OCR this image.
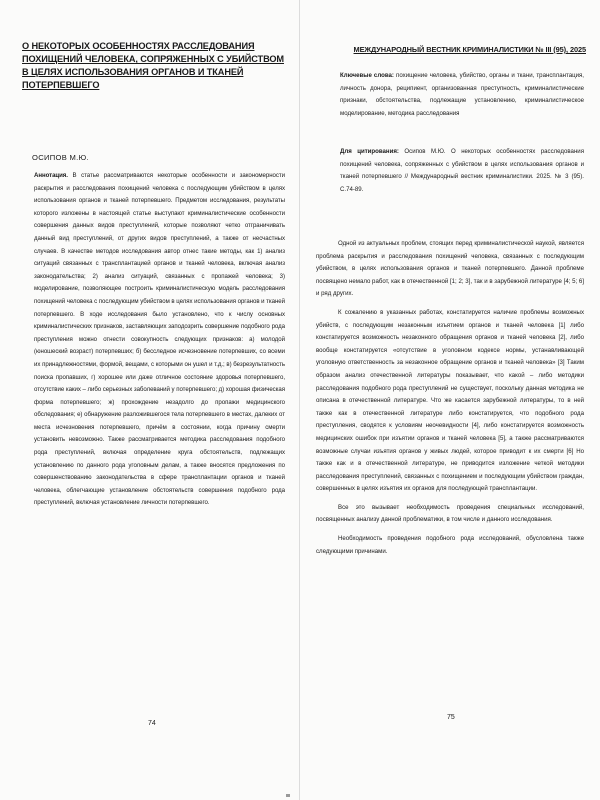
О НЕКОТОРЫХ ОСОБЕННОСТЯХ РАССЛЕДОВАНИЯ ПОХИЩЕНИЙ ЧЕЛОВЕКА, СОПРЯЖЕННЫХ С УБИЙСТВОМ В ЦЕЛЯХ ИСПОЛЬЗОВАНИЯ ОРГАНОВ И ТКАНЕЙ ПОТЕРПЕВШЕГО
ОСИПОВ М.Ю.

Аннотация. В статье рассматриваются некоторые особенности и закономерности раскрытия и расследования похищений человека с последующим убийством в целях использования органов и тканей потерпевшего. Предметом исследования, результаты которого изложены в настоящей статье выступают криминалистические особенности совершения данных видов преступлений, которые позволяют четко отграничивать данный вид преступлений, от других видов преступлений, а также от несчастных случаев. В качестве методов исследования автор отнес такие методы, как 1) анализ ситуаций связанных с трансплантацией органов и тканей человека, включая анализ законодательства; 2) анализ ситуаций, связанных с пропажей человека; 3) моделирование, позволяющее построить криминалистическую модель расследования похищений человека с последующим убийством в целях использования органов и тканей потерпевшего. В ходе исследования было установлено, что к числу основных криминалистических признаков, заставляющих заподозрить совершение подобного рода преступления можно отнести совокупность следующих признаков: а) молодой (юношеский возраст) потерпевших; б) бесследное исчезновение потерпевших, со всеми их принадлежностями, формой, вещами, с которыми он ушел и т.д.; в) безрезультатность поиска пропавших, г) хорошее или даже отличное состояние здоровья потерпевшего, отсутствие каких – либо серьезных заболеваний у потерпевшего; д) хорошая физическая форма потерпевшего; ж) прохождение незадолго до пропажи медицинского обследования; е) обнаружение разложившегося тела потерпевшего в местах, далеких от места исчезновения потерпевшего, причём в состоянии, когда причину смерти установить невозможно. Также рассматривается методика расследования подобного рода преступлений, включая определение круга обстоятельств, подлежащих установлению по данного рода уголовным делам, а также вносятся предложения по совершенствованию законодательства в сфере трансплантации органов и тканей человека, облегчающие установление обстоятельств совершения подобного рода преступлений, включая установление личности потерпевшего.

74
МЕЖДУНАРОДНЫЙ ВЕСТНИК КРИМИНАЛИСТИКИ № III (95), 2025
Ключевые слова: похищение человека, убийство, органы и ткани, трансплантация, личность донора, реципиент, организованная преступность, криминалистические признаки, обстоятельства, подлежащие установлению, криминалистическое моделирование, методика расследования
Для цитирования: Осипов М.Ю. О некоторых особенностях расследования похищений человека, сопряженных с убийством в целях использования органов и тканей потерпевшего // Международный вестник криминалистики. 2025. № 3 (95). С.74-89.

Одной из актуальных проблем, стоящих перед криминалистической наукой, является проблема раскрытия и расследования похищений человека, связанных с последующим убийством, в целях использования органов и тканей потерпевшего. Данной проблеме посвящено немало работ, как в отечественной [1; 2; 3], так и в зарубежной литературе [4; 5; 6] и ряд других.

К сожалению в указанных работах, констатируется наличие проблемы возможных убийств, с последующим незаконным изъятием органов и тканей человека [1] либо констатируется возможность незаконного обращения органов и тканей человека [2], либо вообще констатируется «отсутствие в уголовном кодексе нормы, устанавливающей уголовную ответственность за незаконное обращение органов и тканей человека» [3] Таким образом анализ отечественной литературы показывает, что какой – либо методики расследования подобного рода преступлений не существует, поскольку данная методика не описана в отечественной литературе. Что же касается зарубежной литературы, то в ней также как в отечественной литературе либо констатируется, что подобного рода преступления, сводятся к условиям неочевидности [4], либо констатируется возможность медицинских ошибок при изъятии органов и тканей человека [5], а также рассматриваются возможные случаи изъятия органов у живых людей, которое приводит к их смерти [6] Но также как и в отечественной литературе, не приводится изложение четкой методики расследования преступлений, связанных с похищением и последующим убийством граждан, совершенных в целях изъятия их органов для последующей трансплантации.

Все это вызывает необходимость проведения специальных исследований, посвященных анализу данной проблематики, в том числе и данного исследования.

Необходимость проведения подобного рода исследований, обусловлена также следующими причинами.

75
